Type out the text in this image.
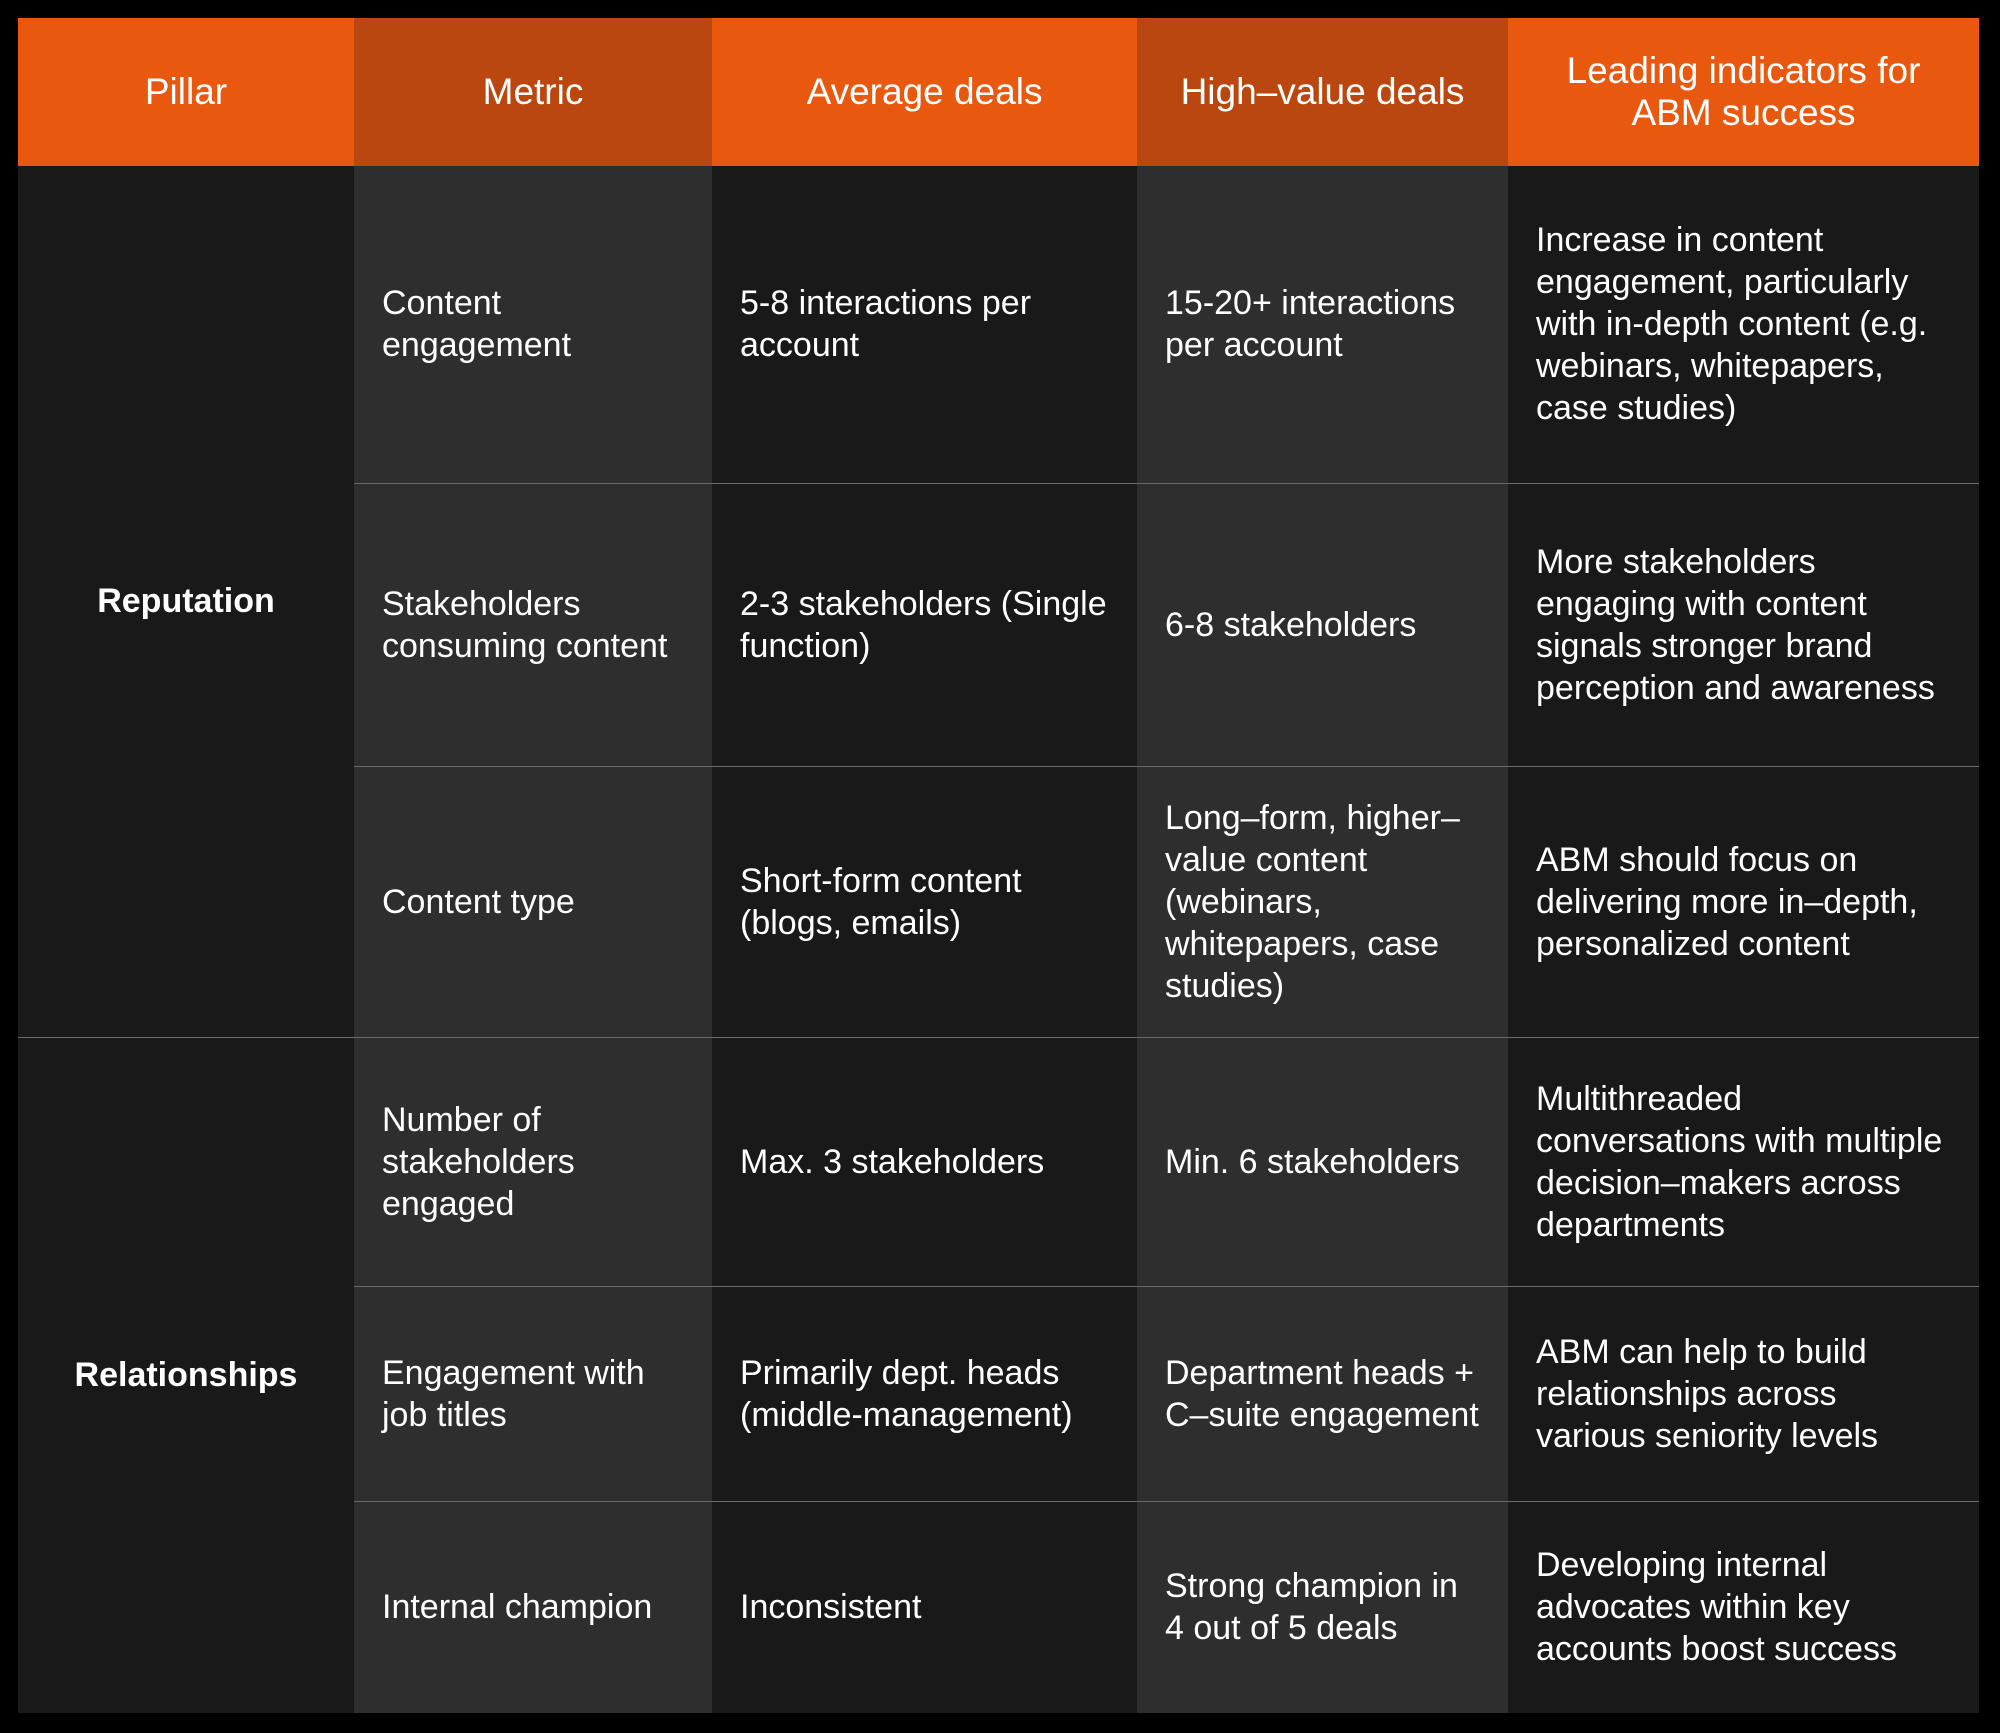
Pillar	Metric	Average deals	High–value deals	Leading indicators for ABM success
Reputation	Content engagement	5-8 interactions per account	15-20+ interactions per account	Increase in content engagement, particularly with in-depth content (e.g. webinars, whitepapers, case studies)
	Stakeholders consuming content	2-3 stakeholders (Single function)	6-8 stakeholders	More stakeholders engaging with content signals stronger brand perception and awareness
	Content type	Short-form content (blogs, emails)	Long–form, higher–value content (webinars, whitepapers, case studies)	ABM should focus on delivering more in–depth, personalized content
Relationships	Number of stakeholders engaged	Max. 3 stakeholders	Min. 6 stakeholders	Multithreaded conversations with multiple decision–makers across departments
	Engagement with job titles	Primarily dept. heads (middle-management)	Department heads + C–suite engagement	ABM can help to build relationships across various seniority levels
	Internal champion	Inconsistent	Strong champion in 4 out of 5 deals	Developing internal advocates within key accounts boost success
